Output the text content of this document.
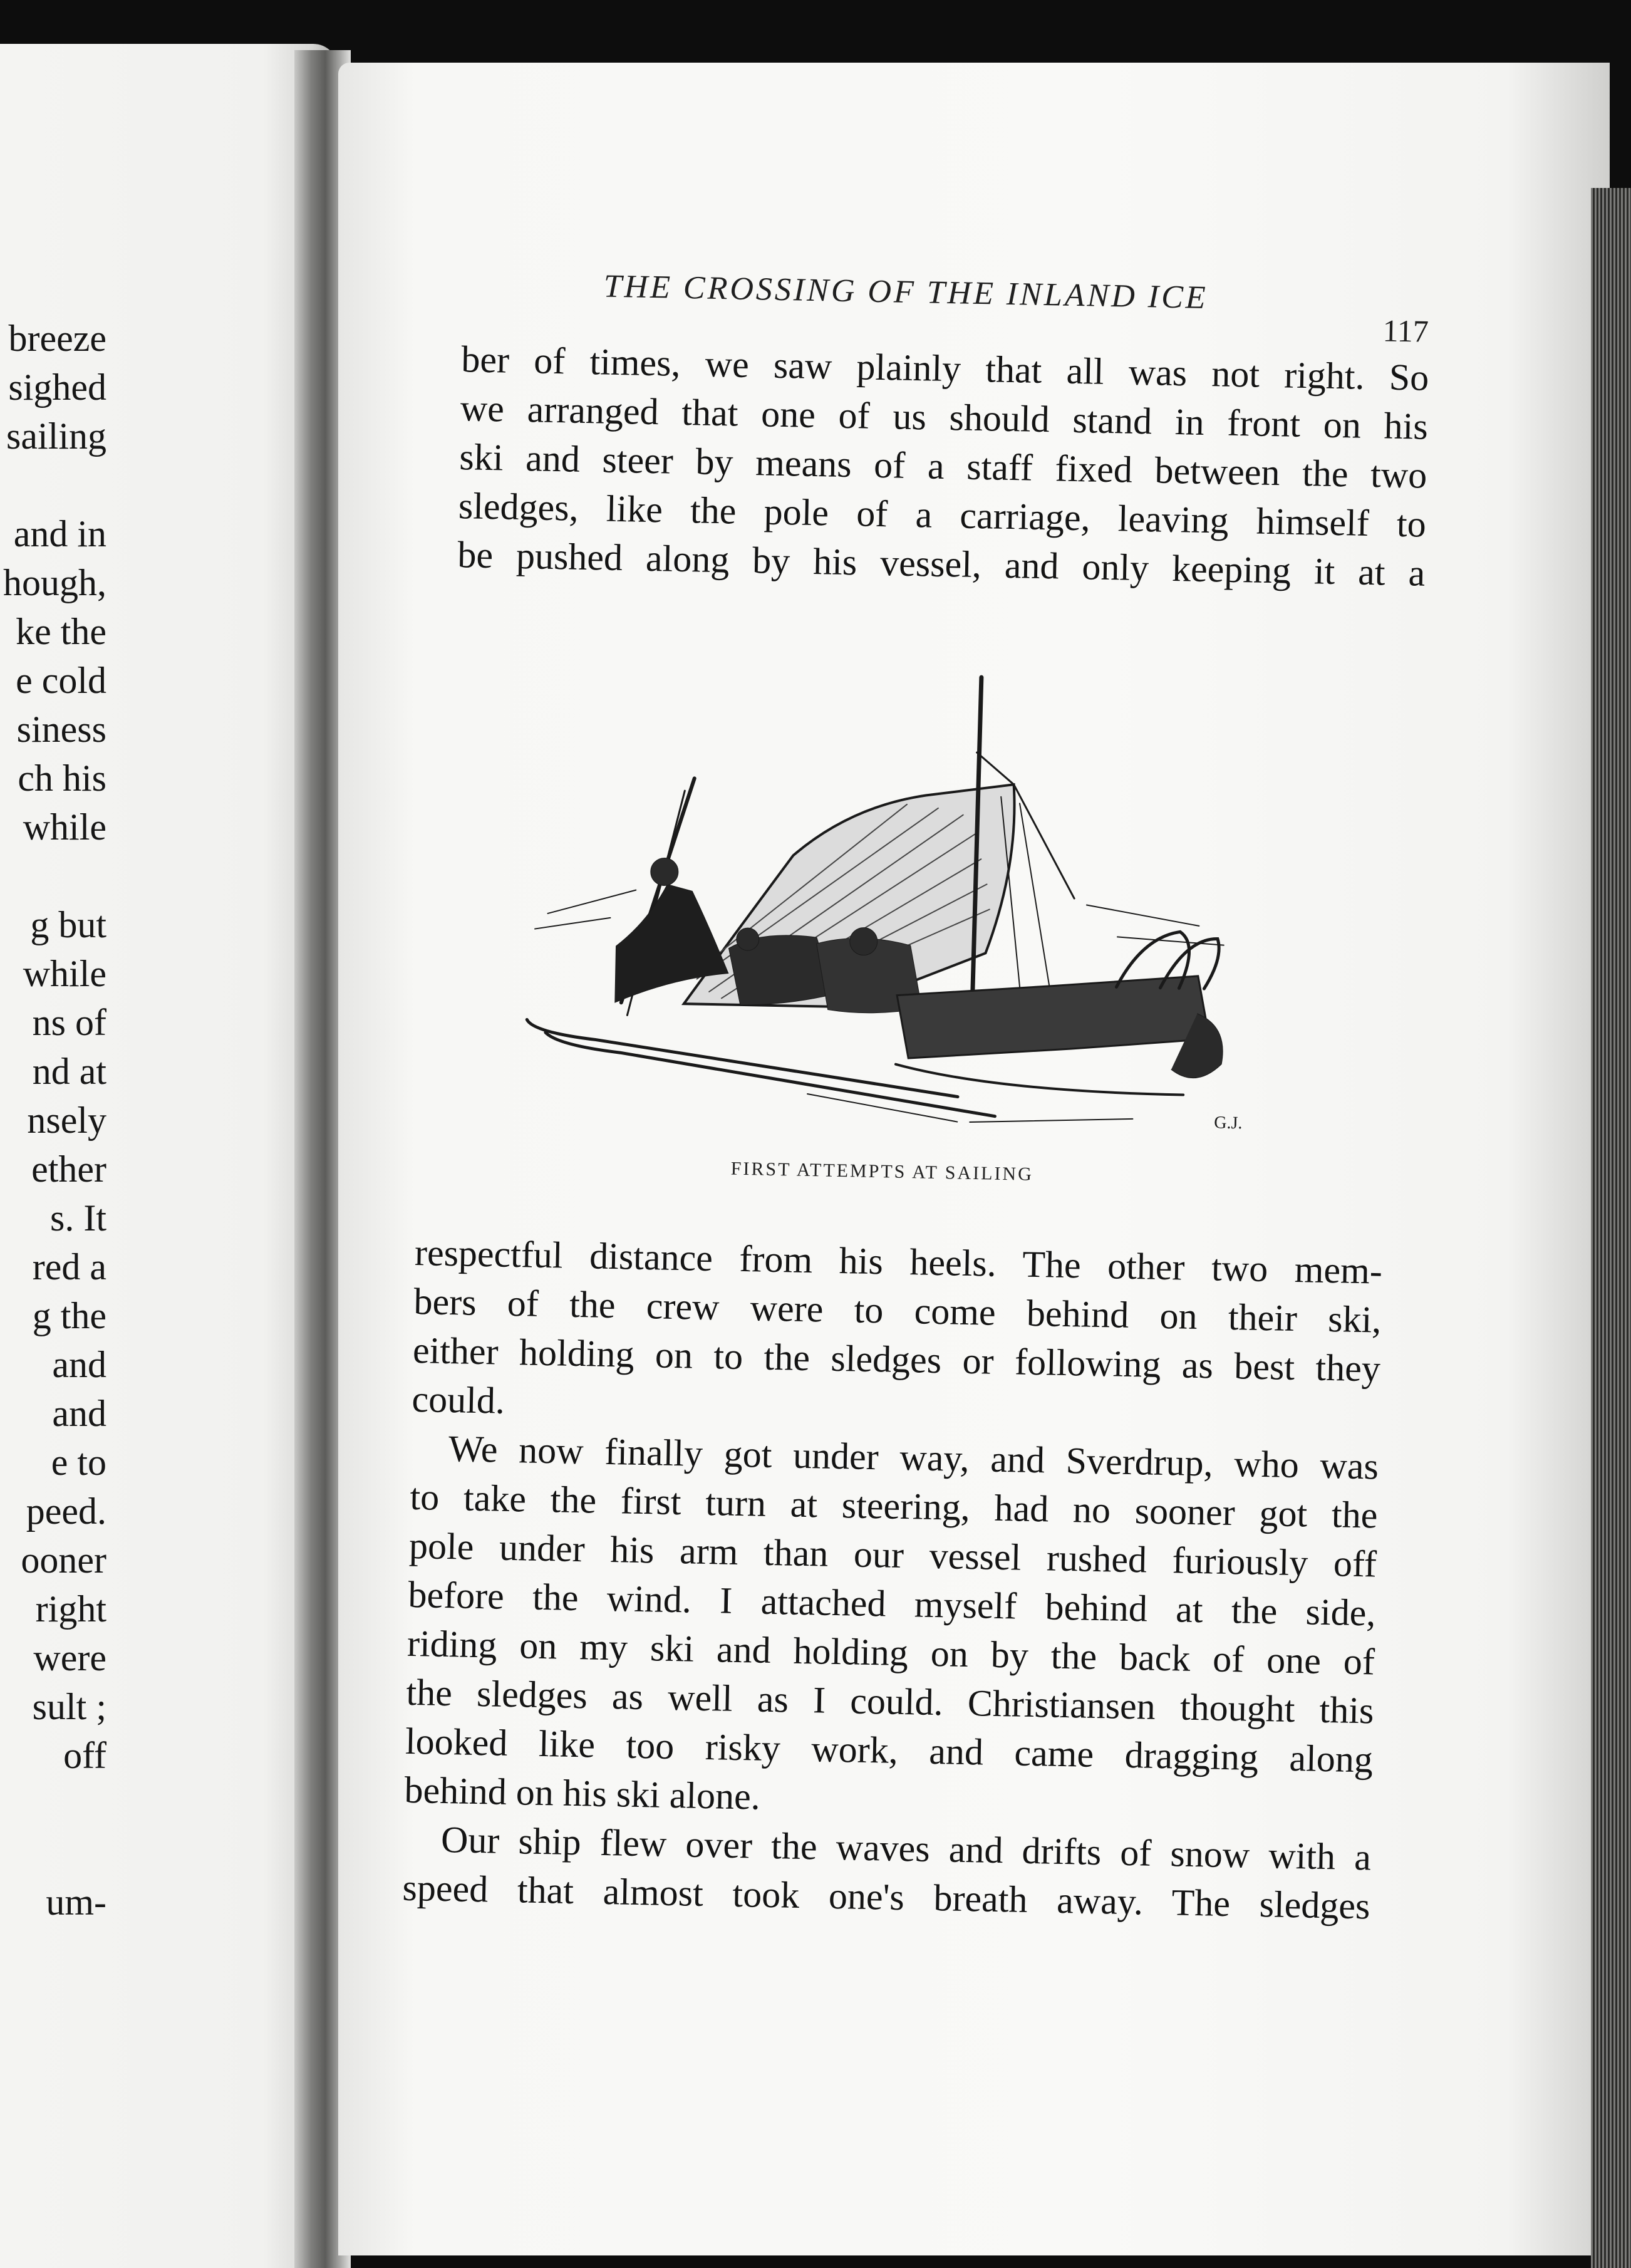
breeze

sighed

sailing

and in

hough,

ke the

e cold

siness

ch his

while

g but

while

ns of

nd at

nsely

ether

s. It

red a

g the

and

and

e to

peed.

ooner

right

were

sult ;

off

um-

THE CROSSING OF THE INLAND ICE

117

ber of times, we saw plainly that all was not right. So

we arranged that one of us should stand in front on his

ski and steer by means of a staff fixed between the two

sledges, like the pole of a carriage, leaving himself to

be pushed along by his vessel, and only keeping it at a

G.J.

FIRST ATTEMPTS AT SAILING

respectful distance from his heels. The other two mem-

bers of the crew were to come behind on their ski,

either holding on to the sledges or following as best they

could.

We now finally got under way, and Sverdrup, who was

to take the first turn at steering, had no sooner got the

pole under his arm than our vessel rushed furiously off

before the wind. I attached myself behind at the side,

riding on my ski and holding on by the back of one of

the sledges as well as I could. Christiansen thought this

looked like too risky work, and came dragging along

behind on his ski alone.

Our ship flew over the waves and drifts of snow with a

speed that almost took one's breath away. The sledges
